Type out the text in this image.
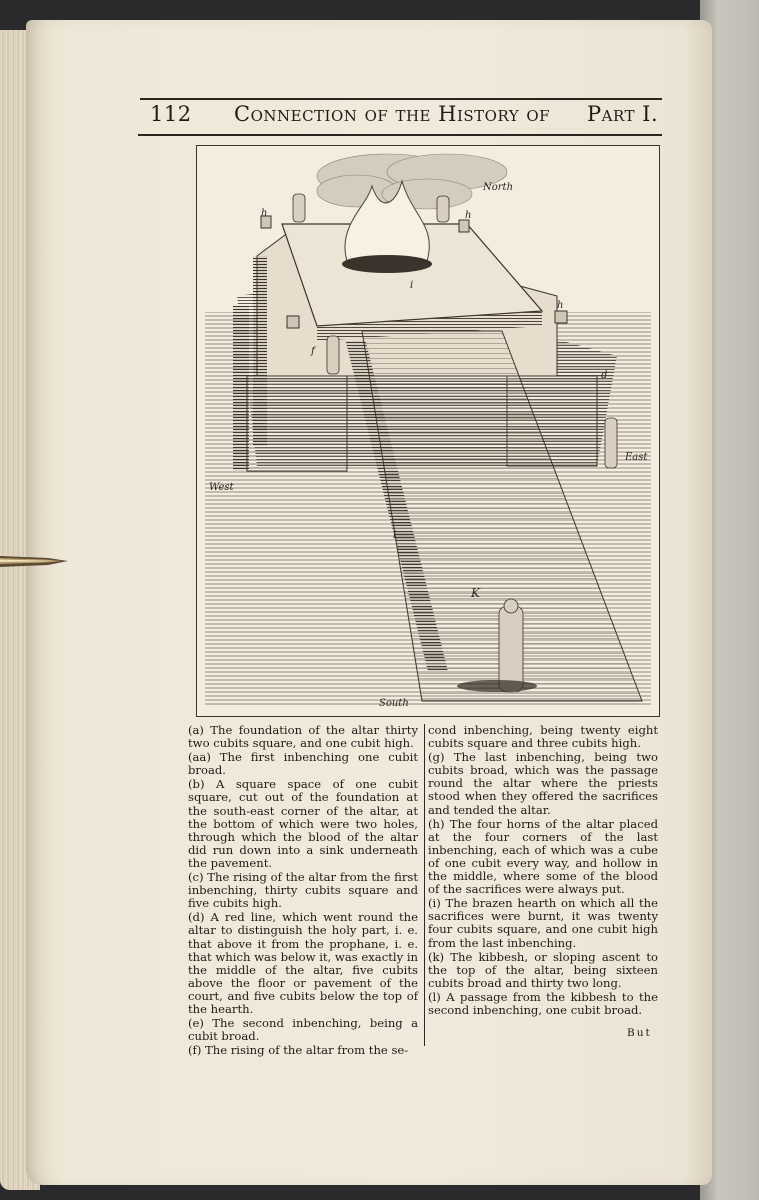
112 Connection of the History of Part I.
North
East
West
South
K
h	h
h
i
f
d
l

(a) The foundation of the altar thirty two cubits square, and one cubit high.

(aa) The first inbenching one cubit broad.

(b) A square space of one cubit square, cut out of the foundation at the south-east corner of the altar, at the bottom of which were two holes, through which the blood of the altar did run down into a sink underneath the pavement.

(c) The rising of the altar from the first inbenching, thirty cubits square and five cubits high.

(d) A red line, which went round the altar to distinguish the holy part, i. e. that above it from the prophane, i. e. that which was below it, was exactly in the middle of the altar, five cubits above the floor or pavement of the court, and five cubits below the top of the hearth.

(e) The second inbenching, being a cubit broad.

(f) The rising of the altar from the se-

cond inbenching, being twenty eight cubits square and three cubits high.

(g) The last inbenching, being two cubits broad, which was the passage round the altar where the priests stood when they offered the sacrifices and tended the altar.

(h) The four horns of the altar placed at the four corners of the last inbenching, each of which was a cube of one cubit every way, and hollow in the middle, where some of the blood of the sacrifices were always put.

(i) The brazen hearth on which all the sacrifices were burnt, it was twenty four cubits square, and one cubit high from the last inbenching.

(k) The kibbesh, or sloping ascent to the top of the altar, being sixteen cubits broad and thirty two long.

(l) A passage from the kibbesh to the second inbenching, one cubit broad.

But
